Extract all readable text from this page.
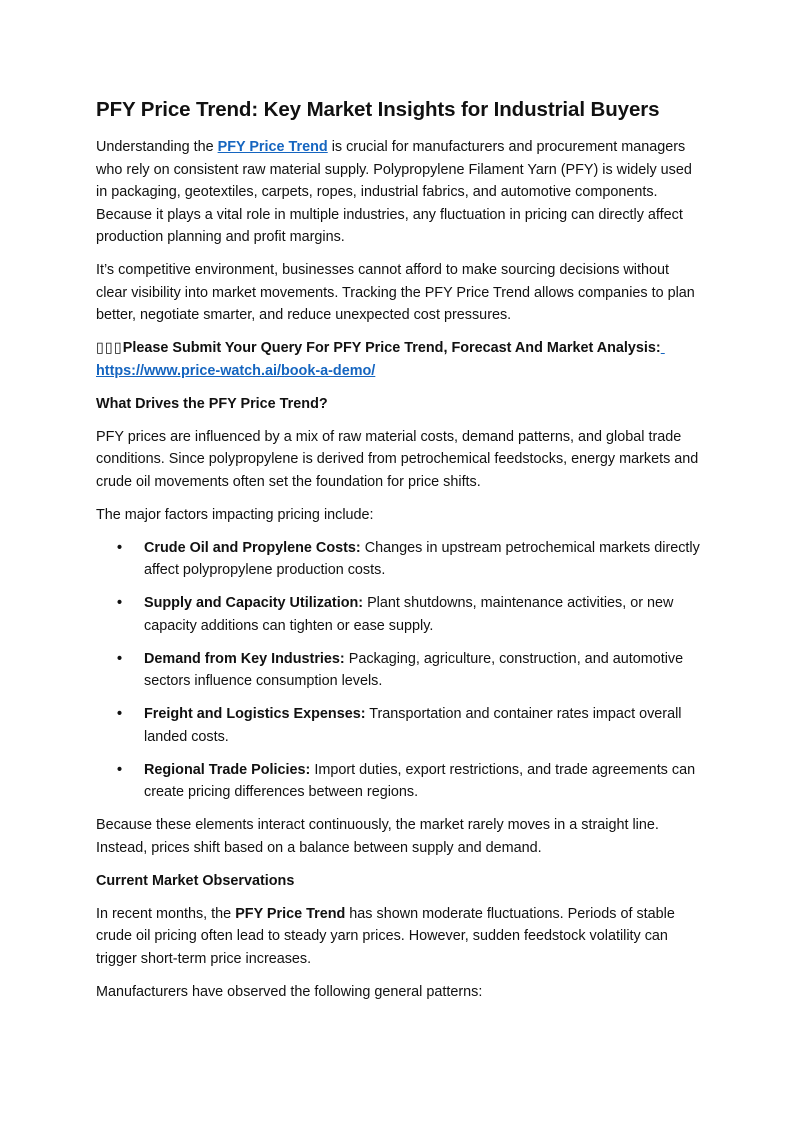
PFY Price Trend: Key Market Insights for Industrial Buyers

Understanding the PFY Price Trend is crucial for manufacturers and procurement managers who rely on consistent raw material supply. Polypropylene Filament Yarn (PFY) is widely used in packaging, geotextiles, carpets, ropes, industrial fabrics, and automotive components. Because it plays a vital role in multiple industries, any fluctuation in pricing can directly affect production planning and profit margins.

It’s competitive environment, businesses cannot afford to make sourcing decisions without clear visibility into market movements. Tracking the PFY Price Trend allows companies to plan better, negotiate smarter, and reduce unexpected cost pressures.

▯▯▯Please Submit Your Query For PFY Price Trend, Forecast And Market Analysis:
https://www.price-watch.ai/book-a-demo/

What Drives the PFY Price Trend?

PFY prices are influenced by a mix of raw material costs, demand patterns, and global trade conditions. Since polypropylene is derived from petrochemical feedstocks, energy markets and crude oil movements often set the foundation for price shifts.

The major factors impacting pricing include:

• Crude Oil and Propylene Costs: Changes in upstream petrochemical markets directly affect polypropylene production costs.
• Supply and Capacity Utilization: Plant shutdowns, maintenance activities, or new capacity additions can tighten or ease supply.
• Demand from Key Industries: Packaging, agriculture, construction, and automotive sectors influence consumption levels.
• Freight and Logistics Expenses: Transportation and container rates impact overall landed costs.
• Regional Trade Policies: Import duties, export restrictions, and trade agreements can create pricing differences between regions.

Because these elements interact continuously, the market rarely moves in a straight line. Instead, prices shift based on a balance between supply and demand.

Current Market Observations

In recent months, the PFY Price Trend has shown moderate fluctuations. Periods of stable crude oil pricing often lead to steady yarn prices. However, sudden feedstock volatility can trigger short-term price increases.

Manufacturers have observed the following general patterns:
